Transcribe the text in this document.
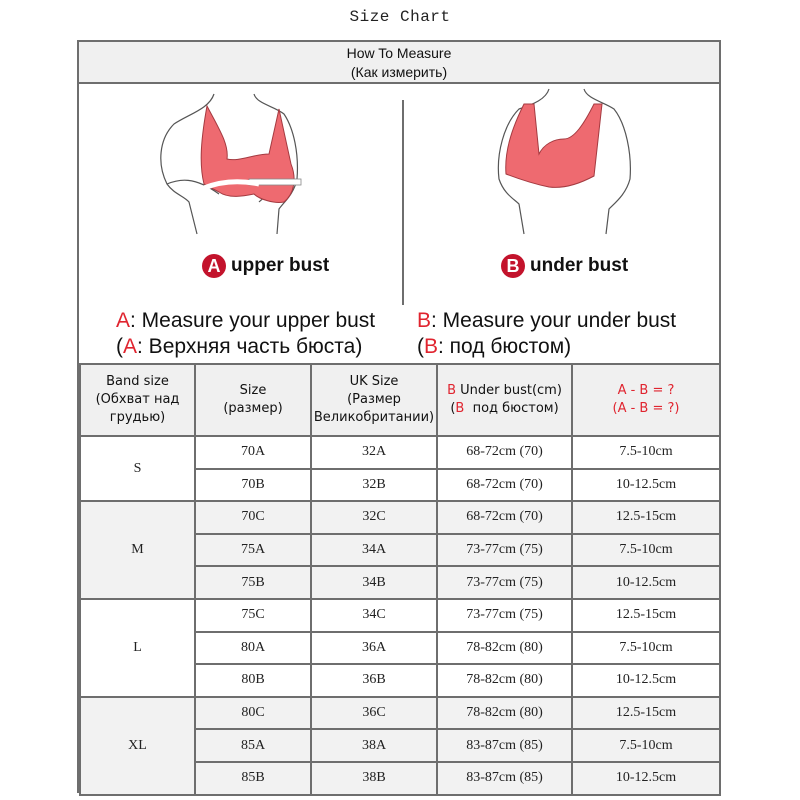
Size Chart
How To Measure
(Как измерить)
A upper bust	B under bust
A: Measure your upper bust
(A: Верхняя часть бюста)
B: Measure your under bust
(B: под бюстом)
Band size
(Обхват над
грудью)

Size
(размер)

UK Size
(Размер
Великобритании)

B Under bust(cm)
(B  под бюстом)

A - B = ?
(A - B = ?)

S	70A	32A	68-72cm (70)	7.5-10cm
	70B	32B	68-72cm (70)	10-12.5cm
M	70C	32C	68-72cm (70)	12.5-15cm
	75A	34A	73-77cm (75)	7.5-10cm
	75B	34B	73-77cm (75)	10-12.5cm
L	75C	34C	73-77cm (75)	12.5-15cm
	80A	36A	78-82cm (80)	7.5-10cm
	80B	36B	78-82cm (80)	10-12.5cm
XL	80C	36C	78-82cm (80)	12.5-15cm
	85A	38A	83-87cm (85)	7.5-10cm
	85B	38B	83-87cm (85)	10-12.5cm
